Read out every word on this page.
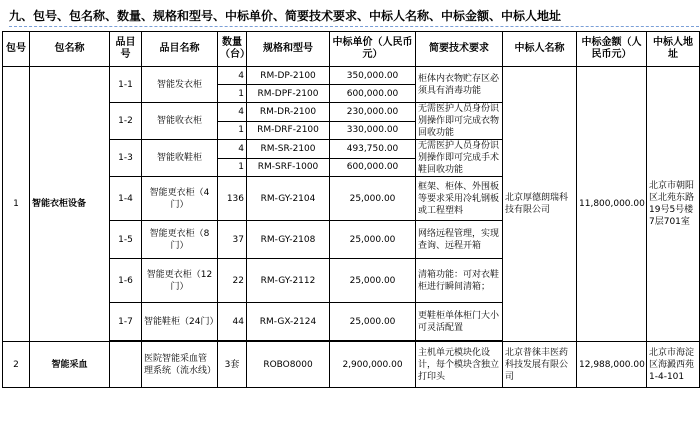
九、包号、包名称、数量、规格和型号、中标单价、简要技术要求、中标人名称、中标金额、中标人地址
包号	包名称	品目号	品目名称	数量（台）	规格和型号	中标单价（人民币元）	简要技术要求	中标人名称	中标金额（人民币元）	中标人地址
1	智能衣柜设备	1-1	智能发衣柜	4	RM-DP-2100	350,000.00	柜体内衣物贮存区必须具有消毒功能	北京厚德朗瑞科技有限公司	11,800,000.00	北京市朝阳区北苑东路19号5号楼7层701室
				1	RM-DPF-2100	600,000.00				
		1-2	智能收衣柜	4	RM-DR-2100	230,000.00	无需医护人员身份识别操作即可完成衣物回收功能			
				1	RM-DRF-2100	330,000.00				
		1-3	智能收鞋柜	4	RM-SR-2100	493,750.00	无需医护人员身份识别操作即可完成手术鞋回收功能			
				1	RM-SRF-1000	600,000.00				
		1-4	智能更衣柜（4门）	136	RM-GY-2104	25,000.00	框架、柜体、外围板等要求采用冷轧钢板或工程塑料			
		1-5	智能更衣柜（8门）	37	RM-GY-2108	25,000.00	网络远程管理，实现查询、远程开箱			
		1-6	智能更衣柜（12门）	22	RM-GY-2112	25,000.00	清箱功能：可对衣鞋柜进行瞬间清箱；			
		1-7	智能鞋柜（24门）	44	RM-GX-2124	25,000.00	更鞋柜单体柜门大小可灵活配置			

2	智能采血		医院智能采血管理系统（流水线）	3套	ROBO8000	2,900,000.00	主机单元模块化设计，每个模块含独立打印头	北京普徕丰医药科技发展有限公司	12,988,000.00	北京市海淀区海澱西苑1-4-101
